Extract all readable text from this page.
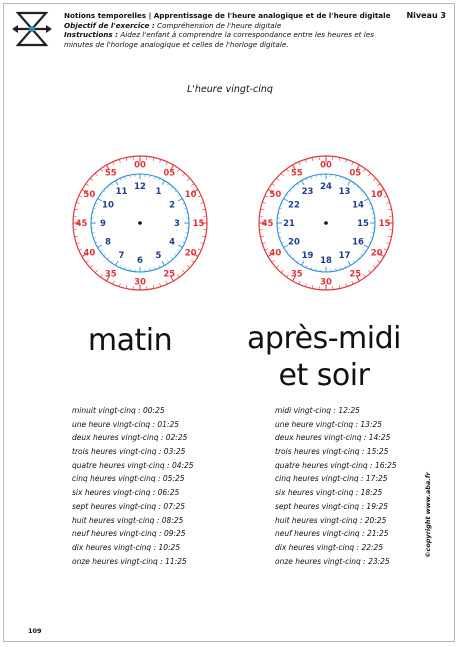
Notions temporelles | Apprentissage de l'heure analogique et de l'heure digitale
Objectif de l'exercice : Compréhension de l'heure digitale
Instructions : Aidez l'enfant à comprendre la correspondance entre les heures et les minutes de l'horloge analogique et celles de l'horloge digitale.
Niveau 3
L'heure vingt-cinq
00
05
10
15
20
25
30
35
40
45
50
55
12 1
2
3
4
5
6
7
8
9
10
11
00
05
10
15
20
25
30
35
40
45
50
55
24 13
14
15
16
17
18
19
20
21
22
23
matin	après-midi
et soir
minuit vingt-cinq : 00:25
une heure vingt-cinq : 01:25
deux heures vingt-cinq : 02:25
trois heures vingt-cinq : 03:25
quatre heures vingt-cinq : 04:25
cinq heures vingt-cinq : 05:25
six heures vingt-cinq : 06:25
sept heures vingt-cinq : 07:25
huit heures vingt-cinq : 08:25
neuf heures vingt-cinq : 09:25
dix heures vingt-cinq : 10:25
onze heures vingt-cinq : 11:25
midi vingt-cinq : 12:25
une heure vingt-cinq : 13:25
deux heures vingt-cinq : 14:25
trois heures vingt-cinq : 15:25
quatre heures vingt-cinq : 16:25
cinq heures vingt-cinq : 17:25
six heures vingt-cinq : 18:25
sept heures vingt-cinq : 19:25
huit heures vingt-cinq : 20:25
neuf heures vingt-cinq : 21:25
dix heures vingt-cinq : 22:25
onze heures vingt-cinq : 23:25
©copyright www.aba.fr
109
